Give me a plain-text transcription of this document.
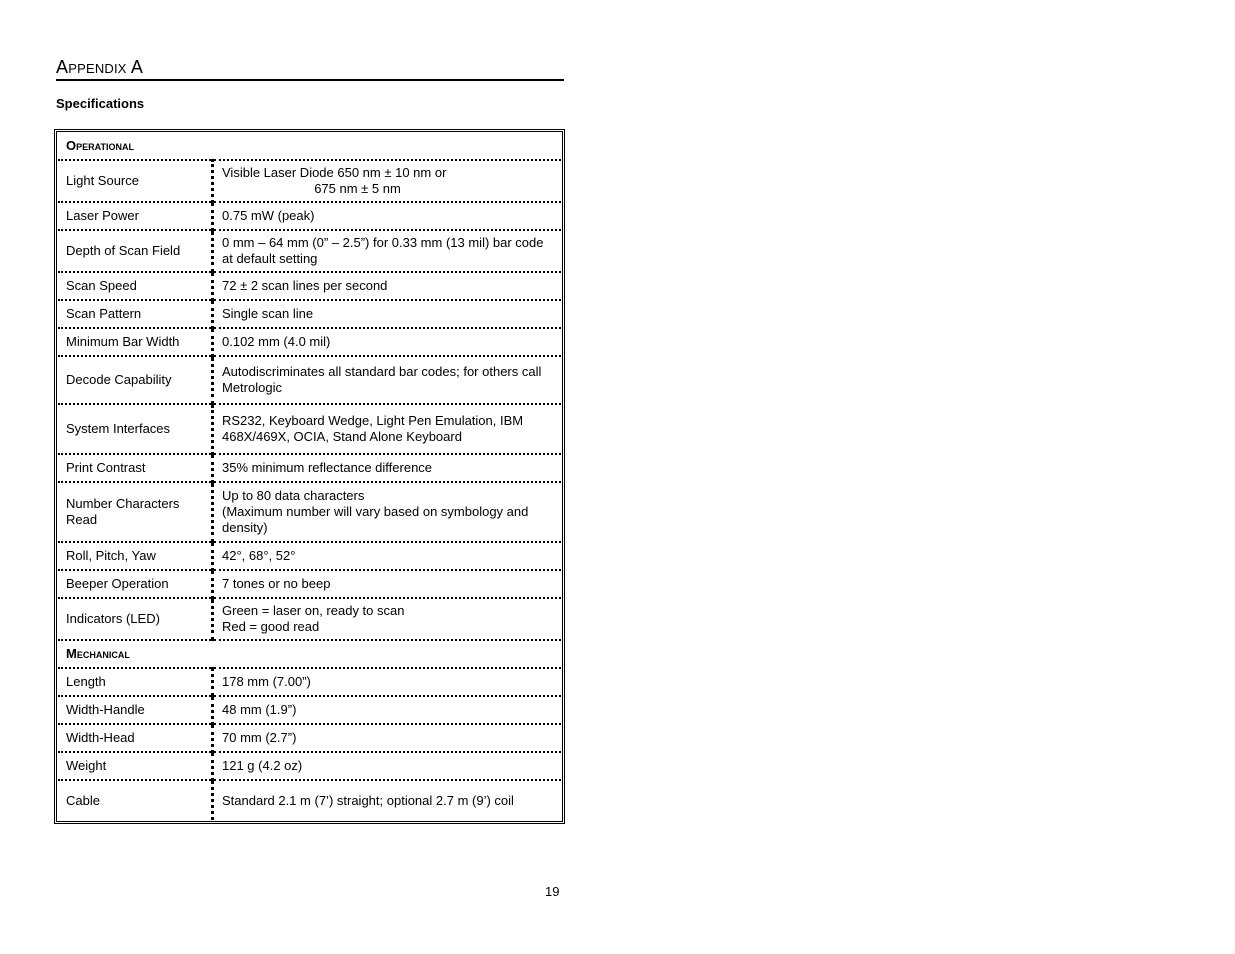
Appendix A
Specifications
Operational	
Light Source	Visible Laser Diode 650 nm ± 10 nm or
675 nm ± 5 nm

Laser Power	0.75 mW (peak)

Depth of Scan Field	0 mm – 64 mm (0” – 2.5”) for 0.33 mm (13 mil) bar code at default setting

Scan Speed	72 ± 2 scan lines per second

Scan Pattern	Single scan line

Minimum Bar Width	0.102 mm (4.0 mil)

Decode Capability	Autodiscriminates all standard bar codes; for others call Metrologic

System Interfaces	RS232, Keyboard Wedge, Light Pen Emulation, IBM 468X/469X, OCIA, Stand Alone Keyboard

Print Contrast	35% minimum reflectance difference

Number Characters Read	Up to 80 data characters
(Maximum number will vary based on symbology and density)

Roll, Pitch, Yaw	42°, 68°, 52°

Beeper Operation	7 tones or no beep

Indicators (LED)	Green = laser on, ready to scan
Red = good read

Mechanical	
Length	178 mm (7.00”)

Width-Handle	48 mm (1.9”)

Width-Head	70 mm (2.7”)

Weight	121 g (4.2 oz)

Cable	Standard 2.1 m (7’) straight; optional 2.7 m (9’) coil
19
